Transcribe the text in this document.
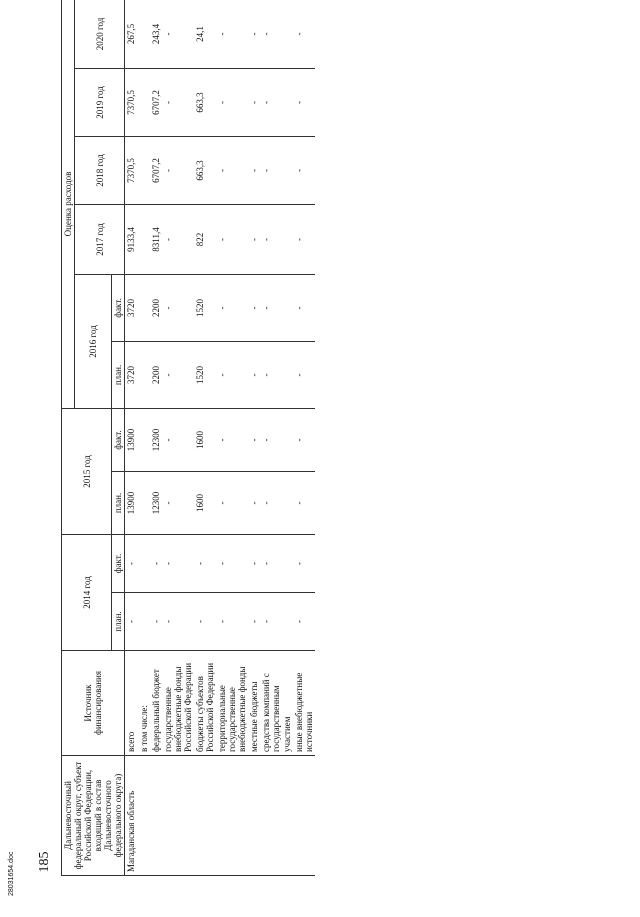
185
Дальневосточный федеральный округ, субъект Российской Федерации, входящий в состав Дальневосточного федерального округа)	Источник финансирования	2014 год		2015 год		Оценка расходов					
						2016 год		2017 год	2018 год	2019 год	2020 год
		план.	факт.	план.	факт.	план.	факт.				
Магаданская область	всего	-	-	13900	13900	3720	3720	9133,4	7370,5	7370,5	267,5
	в том числе:										
	федеральный бюджет	-	-	12300	12300	2200	2200	8311,4	6707,2	6707,2	243,4
	государственные внебюджетные фонды Российской Федерации	-	-	-	-	-	-	-	-	-	-
	бюджеты субъектов Российской Федерации	-	-	1600	1600	1520	1520	822	663,3	663,3	24,1
	территориальные государственные внебюджетные фонды	-	-	-	-	-	-	-	-	-	-
	местные бюджеты	-	-	-	-	-	-	-	-	-	-
	средства компаний с государственным участием	-	-	-	-	-	-	-	-	-	-
	иные внебюджетные источники	-	-	-	-	-	-	-	-	-	-
28031654.doc
